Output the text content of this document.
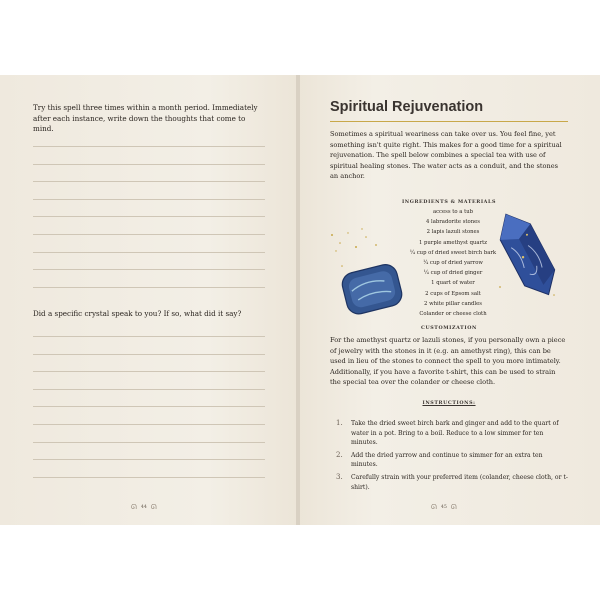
Try this spell three times within a month period. Immediately after each instance, write down the thoughts that come to mind.

Did a specific crystal speak to you? If so, what did it say?

ᘏ 44 ᘏ
Spiritual Rejuvenation

Sometimes a spiritual weariness can take over us. You feel fine, yet something isn't quite right. This makes for a good time for a spiritual rejuvenation. The spell below combines a special tea with use of spiritual healing stones. The water acts as a conduit, and the stones an anchor.

INGREDIENTS & MATERIALS
access to a tub
4 labradorite stones
2 lapis lazuli stones
1 purple amethyst quartz
¼ cup of dried sweet birch bark
¼ cup of dried yarrow
¼ cup of dried ginger
1 quart of water
2 cups of Epsom salt
2 white pillar candles
Colander or cheese cloth
CUSTOMIZATION

For the amethyst quartz or lazuli stones, if you personally own a piece of jewelry with the stones in it (e.g. an amethyst ring), this can be used in lieu of the stones to connect the spell to you more intimately. Additionally, if you have a favorite t-shirt, this can be used to strain the special tea over the colander or cheese cloth.

INSTRUCTIONS:
1. Take the dried sweet birch bark and ginger and add to the quart of water in a pot. Bring to a boil. Reduce to a low simmer for ten minutes.
2. Add the dried yarrow and continue to simmer for an extra ten minutes.
3. Carefully strain with your preferred item (colander, cheese cloth, or t-shirt).
ᘏ 45 ᘏ
